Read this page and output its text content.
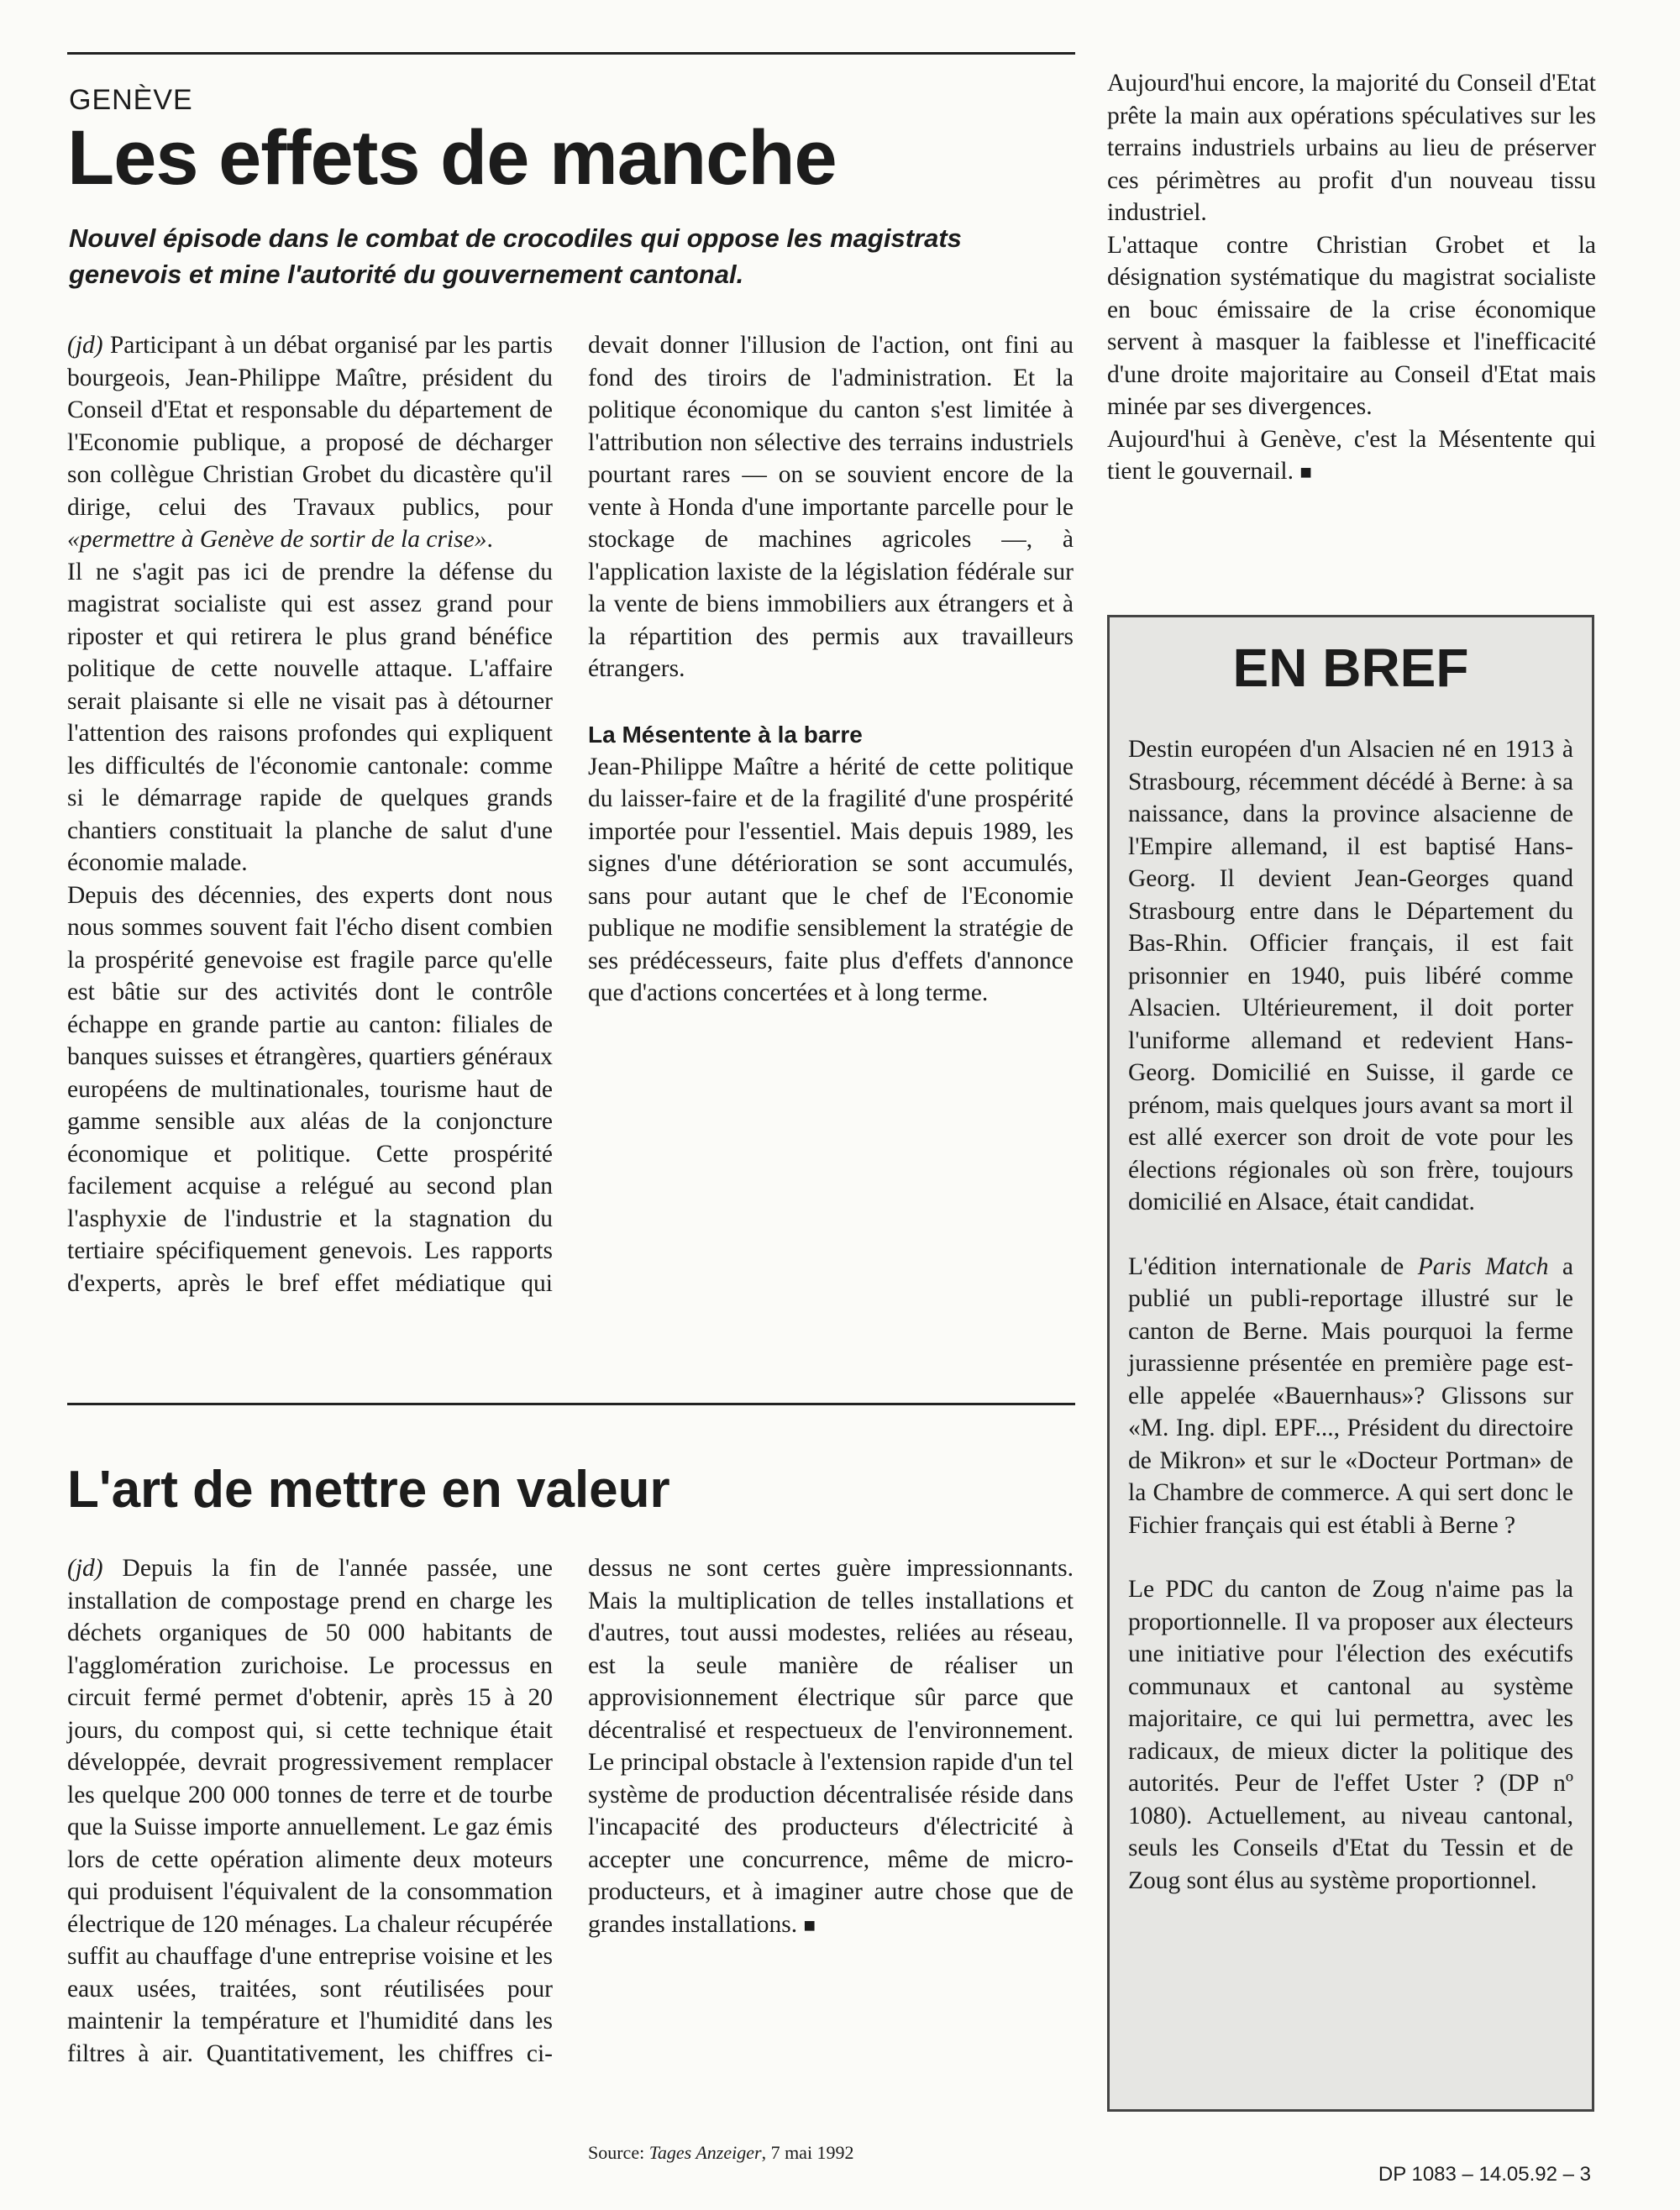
GENÈVE
Les effets de manche
Nouvel épisode dans le combat de crocodiles qui oppose les magistrats genevois et mine l'autorité du gouvernement cantonal.

Aujourd'hui encore, la majorité du Conseil d'Etat prête la main aux opérations spéculatives sur les terrains industriels urbains au lieu de préserver ces périmètres au profit d'un nouveau tissu industriel.

L'attaque contre Christian Grobet et la désignation systématique du magistrat socialiste en bouc émissaire de la crise économique servent à masquer la faiblesse et l'inefficacité d'une droite majoritaire au Conseil d'Etat mais minée par ses divergences.

Aujourd'hui à Genève, c'est la Mésentente qui tient le gouvernail. ■

L'art de mettre en valeur
EN BREF

Destin européen d'un Alsacien né en 1913 à Strasbourg, récemment décédé à Berne: à sa naissance, dans la province alsacienne de l'Empire allemand, il est baptisé Hans-Georg. Il devient Jean-Georges quand Strasbourg entre dans le Département du Bas-Rhin. Officier français, il est fait prisonnier en 1940, puis libéré comme Alsacien. Ultérieurement, il doit porter l'uniforme allemand et redevient Hans-Georg. Domicilié en Suisse, il garde ce prénom, mais quelques jours avant sa mort il est allé exercer son droit de vote pour les élections régionales où son frère, toujours domicilié en Alsace, était candidat.

L'édition internationale de Paris Match a publié un publi-reportage illustré sur le canton de Berne. Mais pourquoi la ferme jurassienne présentée en première page est-elle appelée «Bauernhaus»? Glissons sur «M. Ing. dipl. EPF..., Président du directoire de Mikron» et sur le «Docteur Portman» de la Chambre de commerce. A qui sert donc le Fichier français qui est établi à Berne ?

Le PDC du canton de Zoug n'aime pas la proportionnelle. Il va proposer aux électeurs une initiative pour l'élection des exécutifs communaux et cantonal au système majoritaire, ce qui lui permettra, avec les radicaux, de mieux dicter la politique des autorités. Peur de l'effet Uster ? (DP nº 1080). Actuellement, au niveau cantonal, seuls les Conseils d'Etat du Tessin et de Zoug sont élus au système proportionnel.

DP 1083 – 14.05.92 – 3

(jd) Depuis la fin de l'année passée, une installation de compostage prend en charge les déchets organiques de 50 000 habitants de l'agglomération zurichoise. Le processus en circuit fermé permet d'obtenir, après 15 à 20 jours, du compost qui, si cette technique était développée, devrait progressivement remplacer les quelque 200 000 tonnes de terre et de tourbe que la Suisse importe annuellement. Le gaz émis lors de cette opération alimente deux moteurs qui produisent l'équivalent de la consommation électrique de 120 ménages. La chaleur récupérée suffit au chauffage d'une entreprise voisine et les eaux usées, traitées, sont réutilisées pour maintenir la température et l'humidité dans les filtres à air. Quantitativement, les chiffres ci-dessus ne sont certes guère impressionnants. Mais la multiplication de telles installations et d'autres, tout aussi modestes, reliées au réseau, est la seule manière de réaliser un approvisionnement électrique sûr parce que décentralisé et respectueux de l'environnement. Le principal obstacle à l'extension rapide d'un tel système de production décentralisée réside dans l'incapacité des producteurs d'électricité à accepter une concurrence, même de micro-producteurs, et à imaginer autre chose que de grandes installations. ■

Source: Tages Anzeiger, 7 mai 1992

(jd) Participant à un débat organisé par les partis bourgeois, Jean-Philippe Maître, président du Conseil d'Etat et responsable du département de l'Economie publique, a proposé de décharger son collègue Christian Grobet du dicastère qu'il dirige, celui des Travaux publics, pour «permettre à Genève de sortir de la crise».

Il ne s'agit pas ici de prendre la défense du magistrat socialiste qui est assez grand pour riposter et qui retirera le plus grand bénéfice politique de cette nouvelle attaque. L'affaire serait plaisante si elle ne visait pas à détourner l'attention des raisons profondes qui expliquent les difficultés de l'économie cantonale: comme si le démarrage rapide de quelques grands chantiers constituait la planche de salut d'une économie malade.

Depuis des décennies, des experts dont nous nous sommes souvent fait l'écho disent combien la prospérité genevoise est fragile parce qu'elle est bâtie sur des activités dont le contrôle échappe en grande partie au canton: filiales de banques suisses et étrangères, quartiers généraux européens de multinationales, tourisme haut de gamme sensible aux aléas de la conjoncture économique et politique. Cette prospérité facilement acquise a relégué au second plan l'asphyxie de l'industrie et la stagnation du tertiaire spécifiquement genevois. Les rapports d'experts, après le bref effet médiatique qui devait donner l'illusion de l'action, ont fini au fond des tiroirs de l'administration. Et la politique économique du canton s'est limitée à l'attribution non sélective des terrains industriels pourtant rares — on se souvient encore de la vente à Honda d'une importante parcelle pour le stockage de machines agricoles —, à l'application laxiste de la législation fédérale sur la vente de biens immobiliers aux étrangers et à la répartition des permis aux travailleurs étrangers.

La Mésentente à la barre

Jean-Philippe Maître a hérité de cette politique du laisser-faire et de la fragilité d'une prospérité importée pour l'essentiel. Mais depuis 1989, les signes d'une détérioration se sont accumulés, sans pour autant que le chef de l'Economie publique ne modifie sensiblement la stratégie de ses prédécesseurs, faite plus d'effets d'annonce que d'actions concertées et à long terme.
